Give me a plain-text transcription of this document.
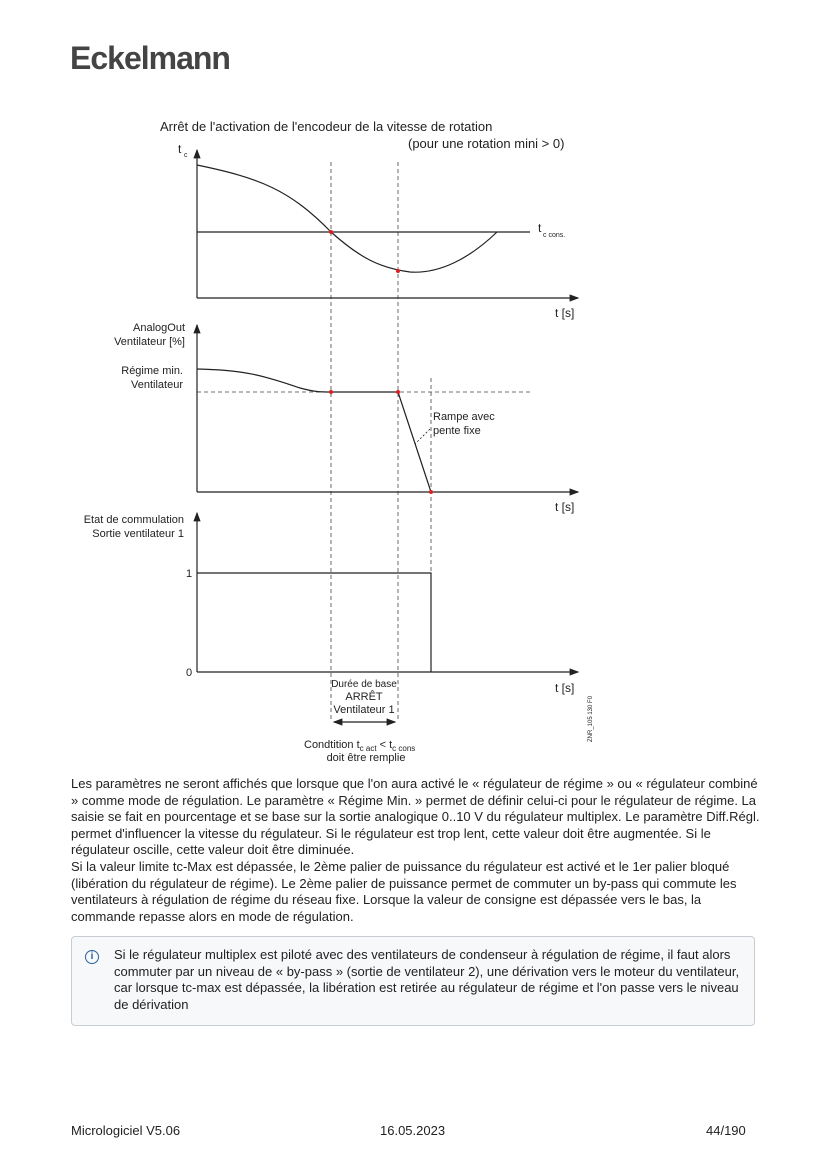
Eckelmann
Arrêt de l'activation de l'encodeur de la vitesse de rotation
(pour une rotation mini > 0)
t c
t
c cons.
t [s]
AnalogOut
Ventilateur [%]
Régime min.
Ventilateur
Rampe avec
pente fixe
t [s]
Etat de commulation
Sortie ventilateur 1
1
0
t [s]
Durée de base
ARRÊT
Ventilateur 1
Condtition $t_{c act} < t_{c cons}$
doit être remplie
ZNR_105 130 F0
Les paramètres ne seront affichés que lorsque que l'on aura activé le « régulateur de régime » ou « régulateur combiné » comme mode de régulation. Le paramètre « Régime Min. » permet de définir celui-ci pour le régulateur de régime. La saisie se fait en pourcentage et se base sur la sortie analogique 0..10 V du régulateur multiplex. Le paramètre Diff.Régl. permet d'influencer la vitesse du régulateur. Si le régulateur est trop lent, cette valeur doit être augmentée. Si le régulateur oscille, cette valeur doit être diminuée.
Si la valeur limite tc-Max est dépassée, le 2ème palier de puissance du régulateur est activé et le 1er palier bloqué (libération du régulateur de régime). Le 2ème palier de puissance permet de commuter un by-pass qui commute les ventilateurs à régulation de régime du réseau fixe. Lorsque la valeur de consigne est dépassée vers le bas, la commande repasse alors en mode de régulation.
i	Si le régulateur multiplex est piloté avec des ventilateurs de condenseur à régulation de régime, il faut alors commuter par un niveau de « by-pass » (sortie de ventilateur 2), une dérivation vers le moteur du ventilateur, car lorsque tc-max est dépassée, la libération est retirée au régulateur de régime et l'on passe vers le niveau de dérivation
Micrologiciel V5.06	16.05.2023	44/190
